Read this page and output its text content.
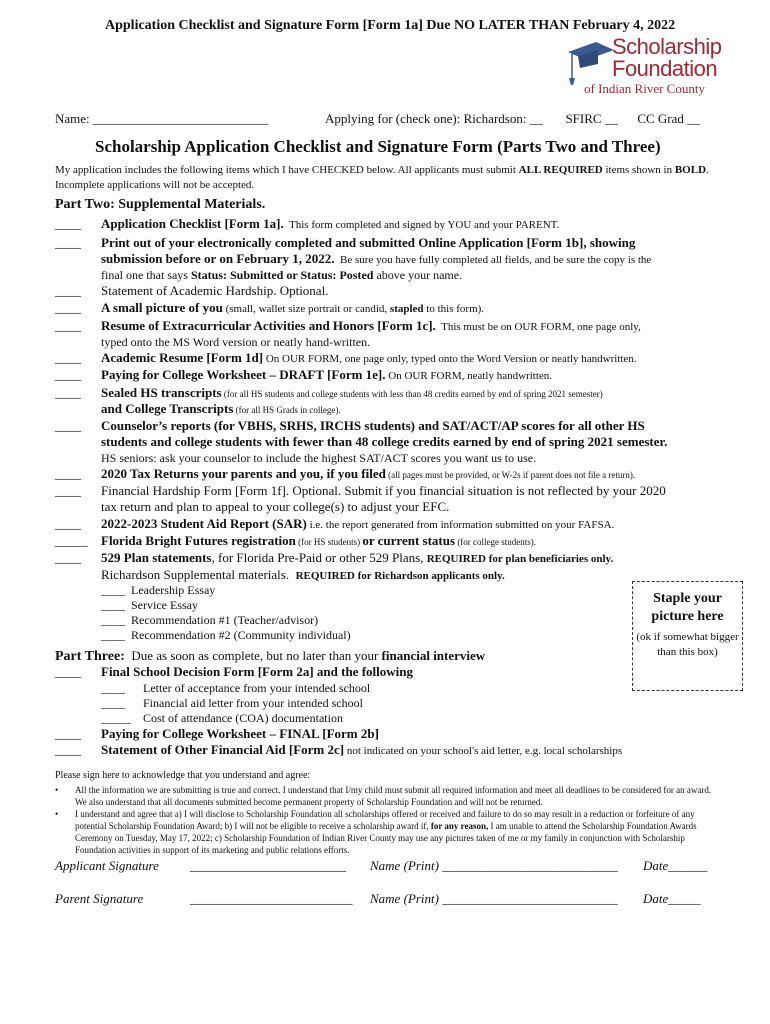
Application Checklist and Signature Form [Form 1a] Due NO LATER THAN February 4, 2022
Scholarship
Foundation
of Indian River County
Name: ___________________________	Applying for (check one): Richardson: __       SFIRC __      CC Grad __
Scholarship Application Checklist and Signature Form (Parts Two and Three)
My application includes the following items which I have CHECKED below. All applicants must submit ALL REQUIRED items shown in BOLD. Incomplete applications will not be accepted.
Part Two: Supplemental Materials.
____ Application Checklist [Form 1a].  This form completed and signed by YOU and your PARENT.
____ Print out of your electronically completed and submitted Online Application [Form 1b], showing
submission before or on February 1, 2022.  Be sure you have fully completed all fields, and be sure the copy is the
final one that says Status: Submitted or Status: Posted above your name.
____ Statement of Academic Hardship. Optional.
____ A small picture of you (small, wallet size portrait or candid, stapled to this form).
____ Resume of Extracurricular Activities and Honors [Form 1c].  This must be on OUR FORM, one page only,
typed onto the MS Word version or neatly hand-written.
____ Academic Resume [Form 1d] On OUR FORM, one page only, typed onto the Word Version or neatly handwritten.
____ Paying for College Worksheet – DRAFT [Form 1e]. On OUR FORM, neatly handwritten.
____ Sealed HS transcripts (for all HS students and college students with less than 48 credits earned by end of spring 2021 semester)
and College Transcripts (for all HS Grads in college).
____ Counselor’s reports (for VBHS, SRHS, IRCHS students) and SAT/ACT/AP scores for all other HS
students and college students with fewer than 48 college credits earned by end of spring 2021 semester.
HS seniors: ask your counselor to include the highest SAT/ACT scores you want us to use.
____ 2020 Tax Returns your parents and you, if you filed (all pages must be provided, or W-2s if parent does not file a return).
____ Financial Hardship Form [Form 1f]. Optional. Submit if you financial situation is not reflected by your 2020
tax return and plan to appeal to your college(s) to adjust your EFC.
____ 2022-2023 Student Aid Report (SAR) i.e. the report generated from information submitted on your FAFSA.
_____ Florida Bright Futures registration (for HS students) or current status (for college students).
____ 529 Plan statements, for Florida Pre-Paid or other 529 Plans, REQUIRED for plan beneficiaries only.
Richardson Supplemental materials.  REQUIRED for Richardson applicants only.
____ Leadership Essay
____ Service Essay
____ Recommendation #1 (Teacher/advisor)
____ Recommendation #2 (Community individual)
Staple your
picture here
(ok if somewhat bigger than this box)
Part Three:  Due as soon as complete, but no later than your financial interview
____ Final School Decision Form [Form 2a] and the following
____ Letter of acceptance from your intended school
____ Financial aid letter from your intended school
_____ Cost of attendance (COA) documentation
____ Paying for College Worksheet – FINAL [Form 2b]
____ Statement of Other Financial Aid [Form 2c] not indicated on your school's aid letter, e.g. local scholarships
Please sign here to acknowledge that you understand and agree:
• All the information we are submitting is true and correct. I understand that I/my child must submit all required information and meet all deadlines to be considered for an award. We also understand that all documents submitted become permanent property of Scholarship Foundation and will not be returned.
• I understand and agree that a) I will disclose to Scholarship Foundation all scholarships offered or received and failure to do so may result in a reduction or forfeiture of any potential Scholarship Foundation Award; b) I will not be eligible to receive a scholarship award if, for any reason, I am unable to attend the Scholarship Foundation Awards Ceremony on Tuesday, May 17, 2022; c) Scholarship Foundation of Indian River County may use any pictures taken of me or my family in conjunction with Scholarship Foundation activities in support of its marketing and public relations efforts.
Applicant Signature ________________________ Name (Print) ___________________________ Date______
Parent Signature	_________________________ Name (Print) ___________________________ Date_____
